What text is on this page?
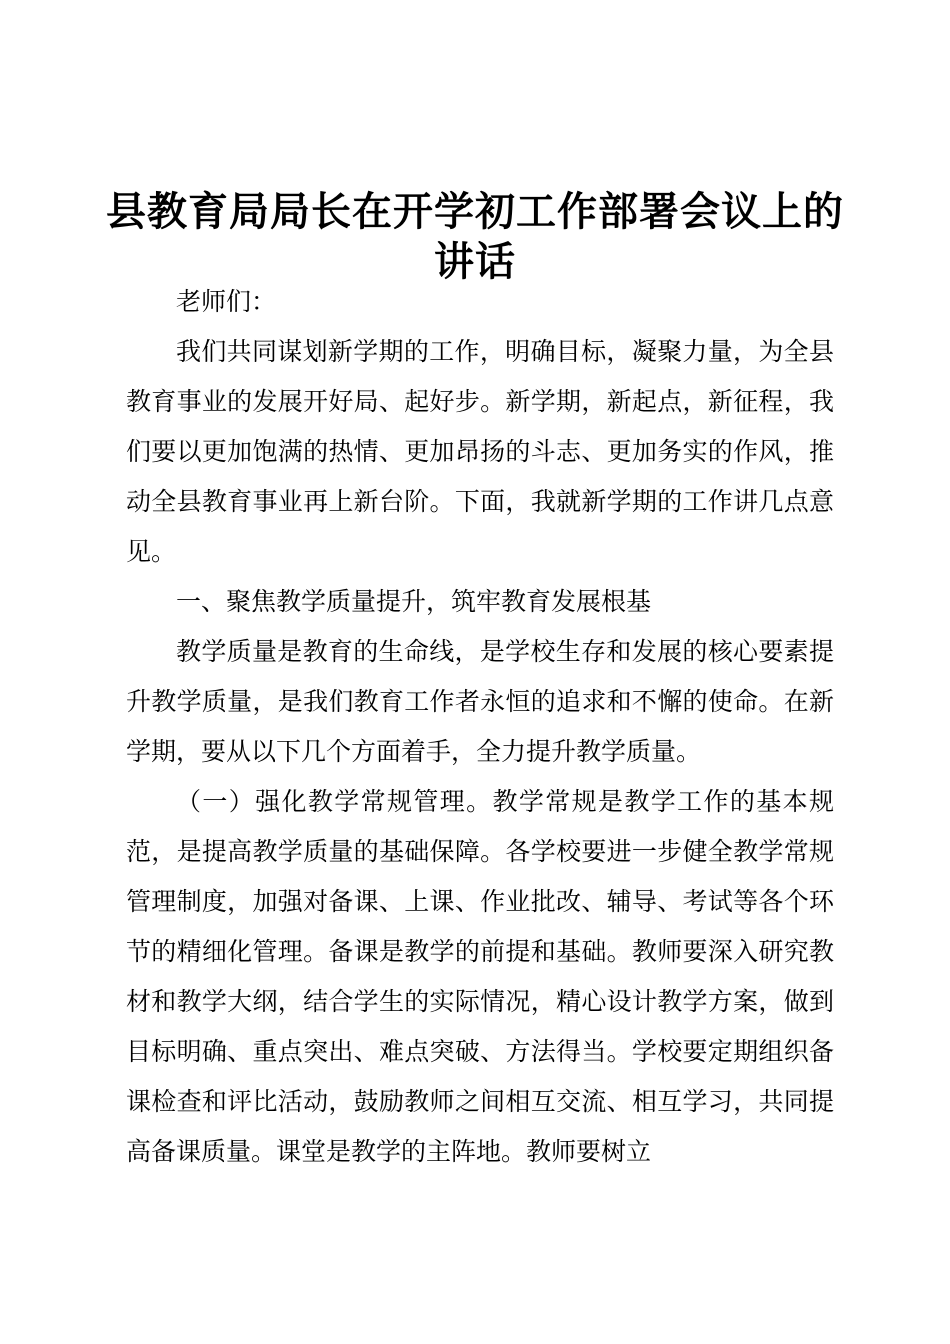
县教育局局长在开学初工作部署会议上的讲话

老师们：

我们共同谋划新学期的工作，明确目标，凝聚力量，为全县教育事业的发展开好局、起好步。新学期，新起点，新征程，我们要以更加饱满的热情、更加昂扬的斗志、更加务实的作风，推动全县教育事业再上新台阶。下面，我就新学期的工作讲几点意见。

一、聚焦教学质量提升，筑牢教育发展根基

教学质量是教育的生命线，是学校生存和发展的核心要素提升教学质量，是我们教育工作者永恒的追求和不懈的使命。在新学期，要从以下几个方面着手，全力提升教学质量。

（一）强化教学常规管理。教学常规是教学工作的基本规范，是提高教学质量的基础保障。各学校要进一步健全教学常规管理制度，加强对备课、上课、作业批改、辅导、考试等各个环节的精细化管理。备课是教学的前提和基础。教师要深入研究教材和教学大纲，结合学生的实际情况，精心设计教学方案，做到目标明确、重点突出、难点突破、方法得当。学校要定期组织备课检查和评比活动，鼓励教师之间相互交流、相互学习，共同提高备课质量。课堂是教学的主阵地。教师要树立
